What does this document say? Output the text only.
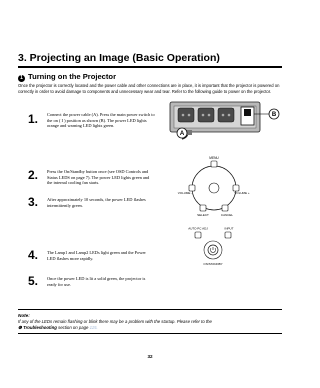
3. Projecting an Image (Basic Operation)
1 Turning on the Projector
Once the projector is correctly located and the power cable and other connections are in place, it is important that the projector is powered on correctly in order to avoid damage to components and unnecessary wear and tear. Refer to the following guide to power on the projector.
1. Connect the power cable (A). Press the main power switch to the on ( I ) position as shown (B). The power LED lights orange and warning LED lights green.
2. Press the On/Standby button once (see OSD Controls and Status LEDS on page 7). The power LED lights green and the internal cooling fan starts.
3. After approximately 10 seconds, the power LED flashes intermittently green.
4. The Lamp1 and Lamp2 LEDs light green and the Power LED flashes more rapidly.
5. Once the power LED is lit a solid green, the projector is ready for use.
A
B
MENU
VOLUME -	VOLUME +
SELECT	CANCEL
AUTO PC ADJ	INPUT
ON/STANDBY
Note:
If any of the LEDs remain flashing or blink there may be a problem with the startup. Please refer to the
❻ Troubleshooting section on page 115.
32
